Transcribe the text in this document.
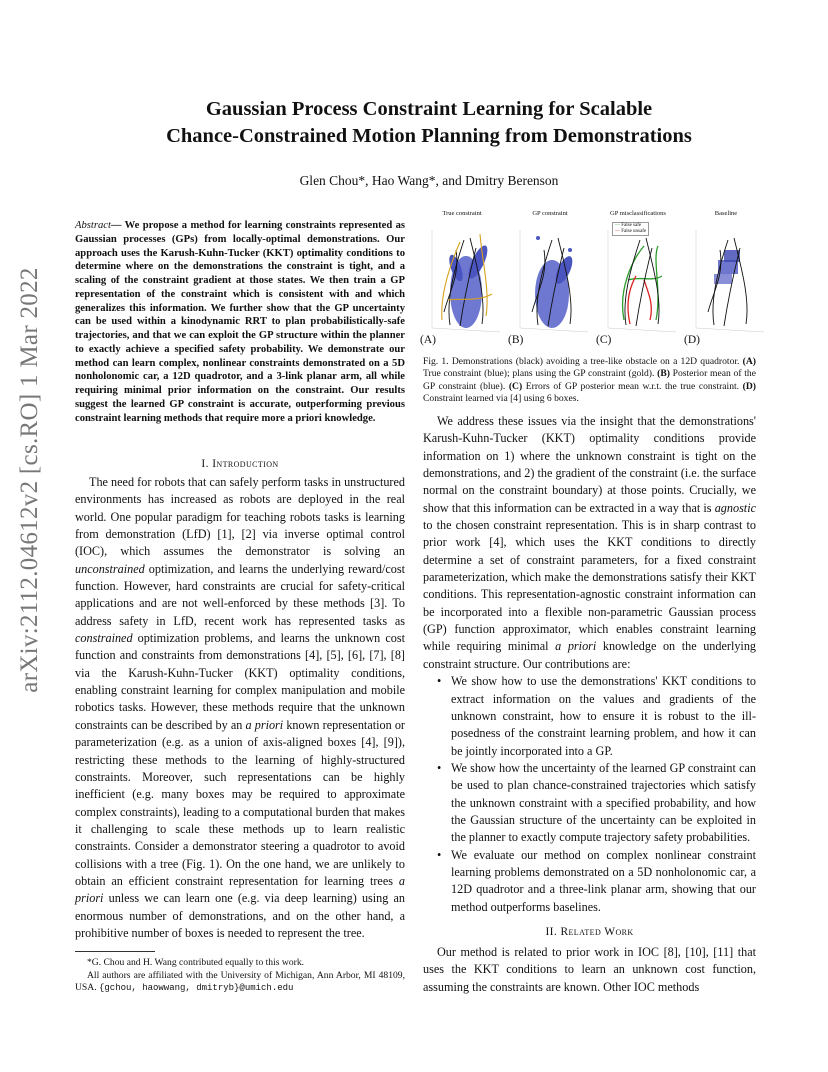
arXiv:2112.04612v2 [cs.RO] 1 Mar 2022
Gaussian Process Constraint Learning for Scalable
Chance-Constrained Motion Planning from Demonstrations
Glen Chou*, Hao Wang*, and Dmitry Berenson
Abstract— We propose a method for learning constraints represented as Gaussian processes (GPs) from locally-optimal demonstrations. Our approach uses the Karush-Kuhn-Tucker (KKT) optimality conditions to determine where on the demonstrations the constraint is tight, and a scaling of the constraint gradient at those states. We then train a GP representation of the constraint which is consistent with and which generalizes this information. We further show that the GP uncertainty can be used within a kinodynamic RRT to plan probabilistically-safe trajectories, and that we can exploit the GP structure within the planner to exactly achieve a specified safety probability. We demonstrate our method can learn complex, nonlinear constraints demonstrated on a 5D nonholonomic car, a 12D quadrotor, and a 3-link planar arm, all while requiring minimal prior information on the constraint. Our results suggest the learned GP constraint is accurate, outperforming previous constraint learning methods that require more a priori knowledge.
I. Introduction

The need for robots that can safely perform tasks in unstructured environments has increased as robots are deployed in the real world. One popular paradigm for teaching robots tasks is learning from demonstration (LfD) [1], [2] via inverse optimal control (IOC), which assumes the demonstrator is solving an unconstrained optimization, and learns the underlying reward/cost function. However, hard constraints are crucial for safety-critical applications and are not well-enforced by these methods [3]. To address safety in LfD, recent work has represented tasks as constrained optimization problems, and learns the unknown cost function and constraints from demonstrations [4], [5], [6], [7], [8] via the Karush-Kuhn-Tucker (KKT) optimality conditions, enabling constraint learning for complex manipulation and mobile robotics tasks. However, these methods require that the unknown constraints can be described by an a priori known representation or parameterization (e.g. as a union of axis-aligned boxes [4], [9]), restricting these methods to the learning of highly-structured constraints. Moreover, such representations can be highly inefficient (e.g. many boxes may be required to approximate complex constraints), leading to a computational burden that makes it challenging to scale these methods up to learn realistic constraints. Consider a demonstrator steering a quadrotor to avoid collisions with a tree (Fig. 1). On the one hand, we are unlikely to obtain an efficient constraint representation for learning trees a priori unless we can learn one (e.g. via deep learning) using an enormous number of demonstrations, and on the other hand, a prohibitive number of boxes is needed to represent the tree.

*G. Chou and H. Wang contributed equally to this work.

All authors are affiliated with the University of Michigan, Ann Arbor, MI 48109, USA. {gchou, haowwang, dmitryb}@umich.edu

True constraint
(A)
GP constraint
(B)
GP misclassifications
— False safe
— False unsafe
(C)
Baseline
(D)
Fig. 1. Demonstrations (black) avoiding a tree-like obstacle on a 12D quadrotor. (A) True constraint (blue); plans using the GP constraint (gold). (B) Posterior mean of the GP constraint (blue). (C) Errors of GP posterior mean w.r.t. the true constraint. (D) Constraint learned via [4] using 6 boxes.

We address these issues via the insight that the demonstrations' Karush-Kuhn-Tucker (KKT) optimality conditions provide information on 1) where the unknown constraint is tight on the demonstrations, and 2) the gradient of the constraint (i.e. the surface normal on the constraint boundary) at those points. Crucially, we show that this information can be extracted in a way that is agnostic to the chosen constraint representation. This is in sharp contrast to prior work [4], which uses the KKT conditions to directly determine a set of constraint parameters, for a fixed constraint parameterization, which make the demonstrations satisfy their KKT conditions. This representation-agnostic constraint information can be incorporated into a flexible non-parametric Gaussian process (GP) function approximator, which enables constraint learning while requiring minimal a priori knowledge on the underlying constraint structure. Our contributions are:

• We show how to use the demonstrations' KKT conditions to extract information on the values and gradients of the unknown constraint, how to ensure it is robust to the ill-posedness of the constraint learning problem, and how it can be jointly incorporated into a GP.
• We show how the uncertainty of the learned GP constraint can be used to plan chance-constrained trajectories which satisfy the unknown constraint with a specified probability, and how the Gaussian structure of the uncertainty can be exploited in the planner to exactly compute trajectory safety probabilities.
• We evaluate our method on complex nonlinear constraint learning problems demonstrated on a 5D nonholonomic car, a 12D quadrotor and a three-link planar arm, showing that our method outperforms baselines.
II. Related Work

Our method is related to prior work in IOC [8], [10], [11] that uses the KKT conditions to learn an unknown cost function, assuming the constraints are known. Other IOC methods
